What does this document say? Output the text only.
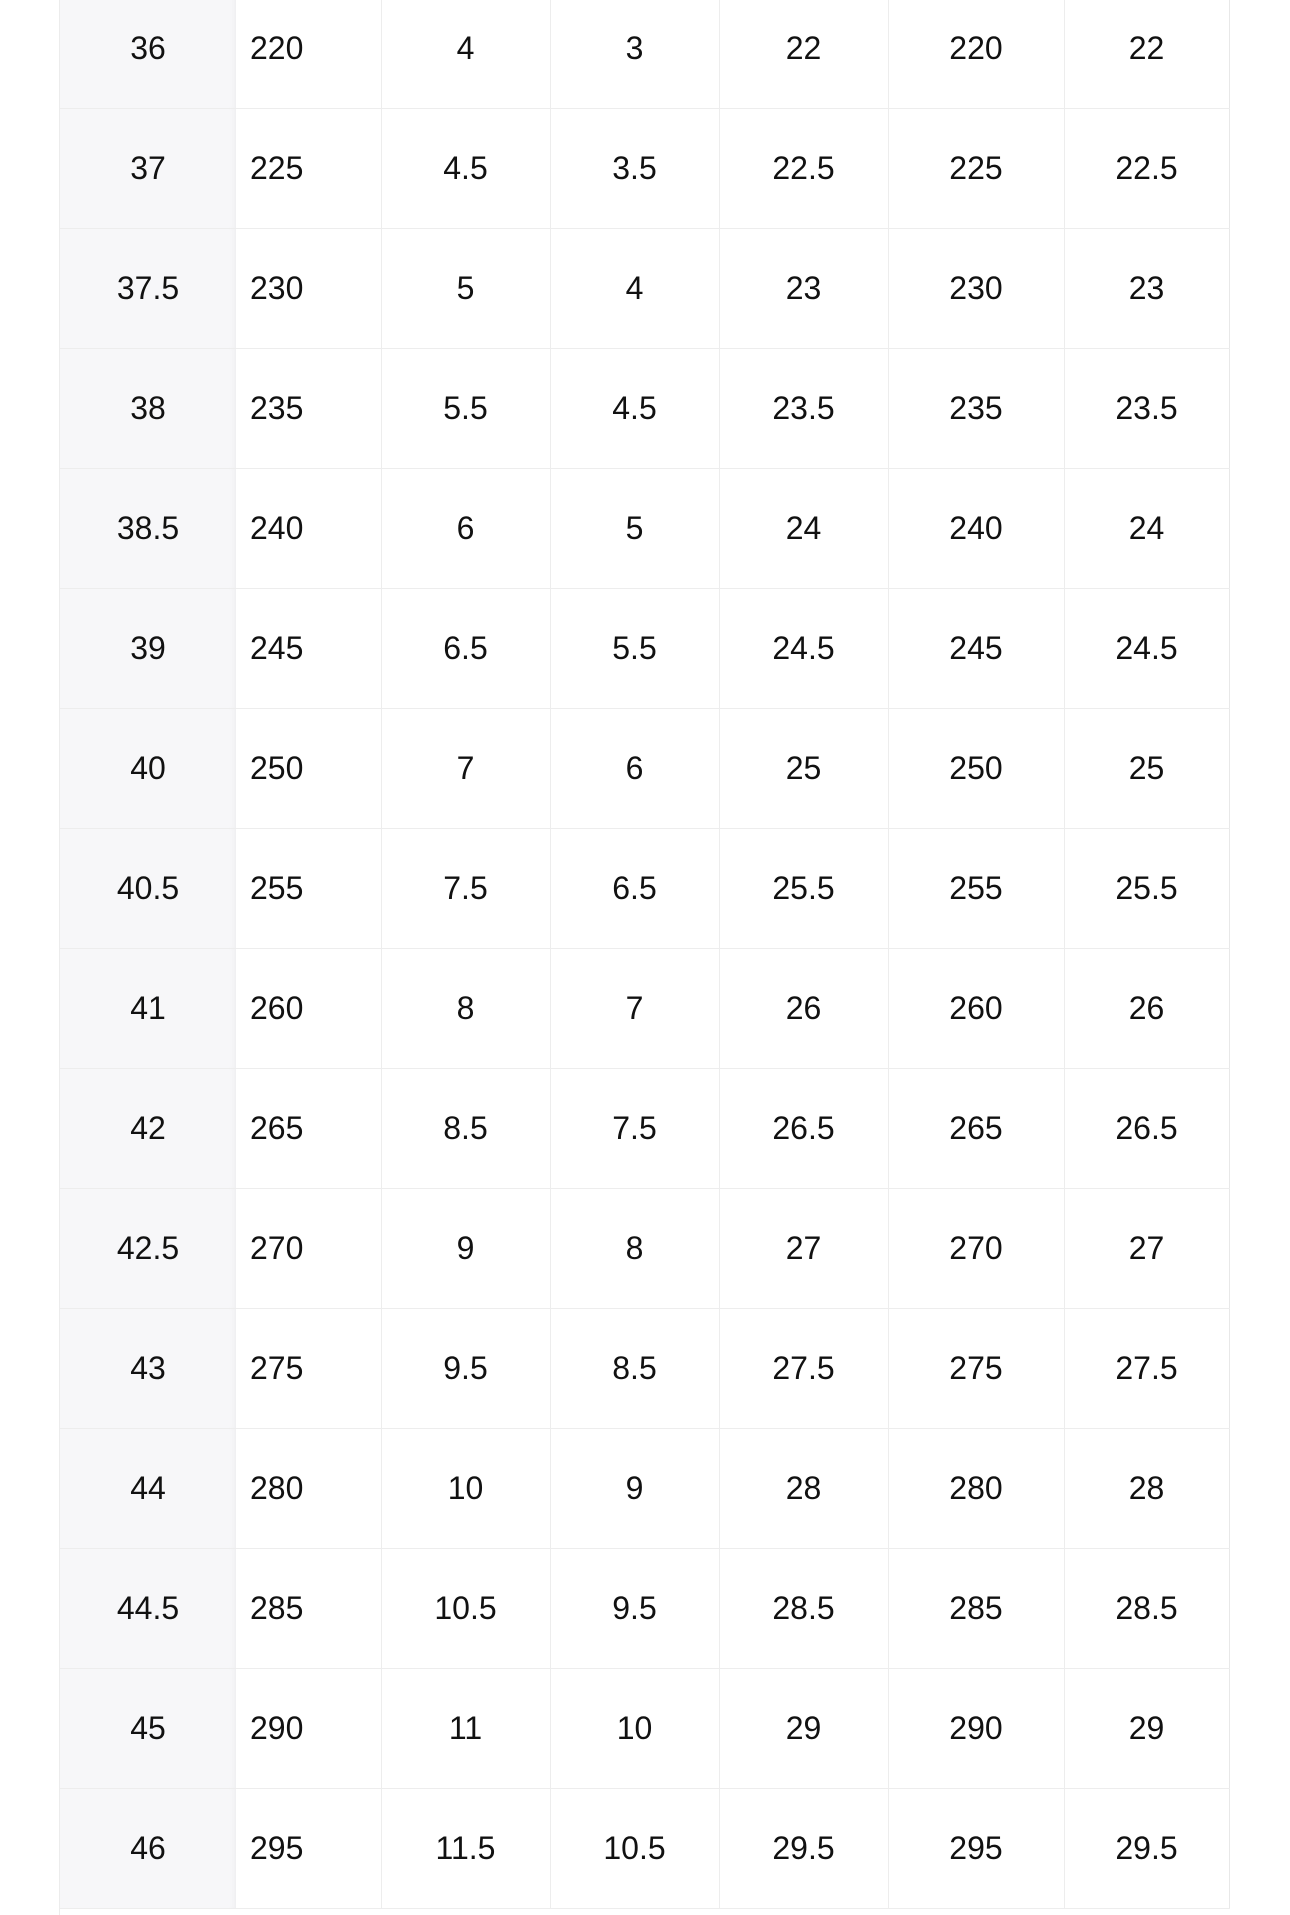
36	220	4	3	22	220	22
37	225	4.5	3.5	22.5	225	22.5
37.5	230	5	4	23	230	23
38	235	5.5	4.5	23.5	235	23.5
38.5	240	6	5	24	240	24
39	245	6.5	5.5	24.5	245	24.5
40	250	7	6	25	250	25
40.5	255	7.5	6.5	25.5	255	25.5
41	260	8	7	26	260	26
42	265	8.5	7.5	26.5	265	26.5
42.5	270	9	8	27	270	27
43	275	9.5	8.5	27.5	275	27.5
44	280	10	9	28	280	28
44.5	285	10.5	9.5	28.5	285	28.5
45	290	11	10	29	290	29
46	295	11.5	10.5	29.5	295	29.5
